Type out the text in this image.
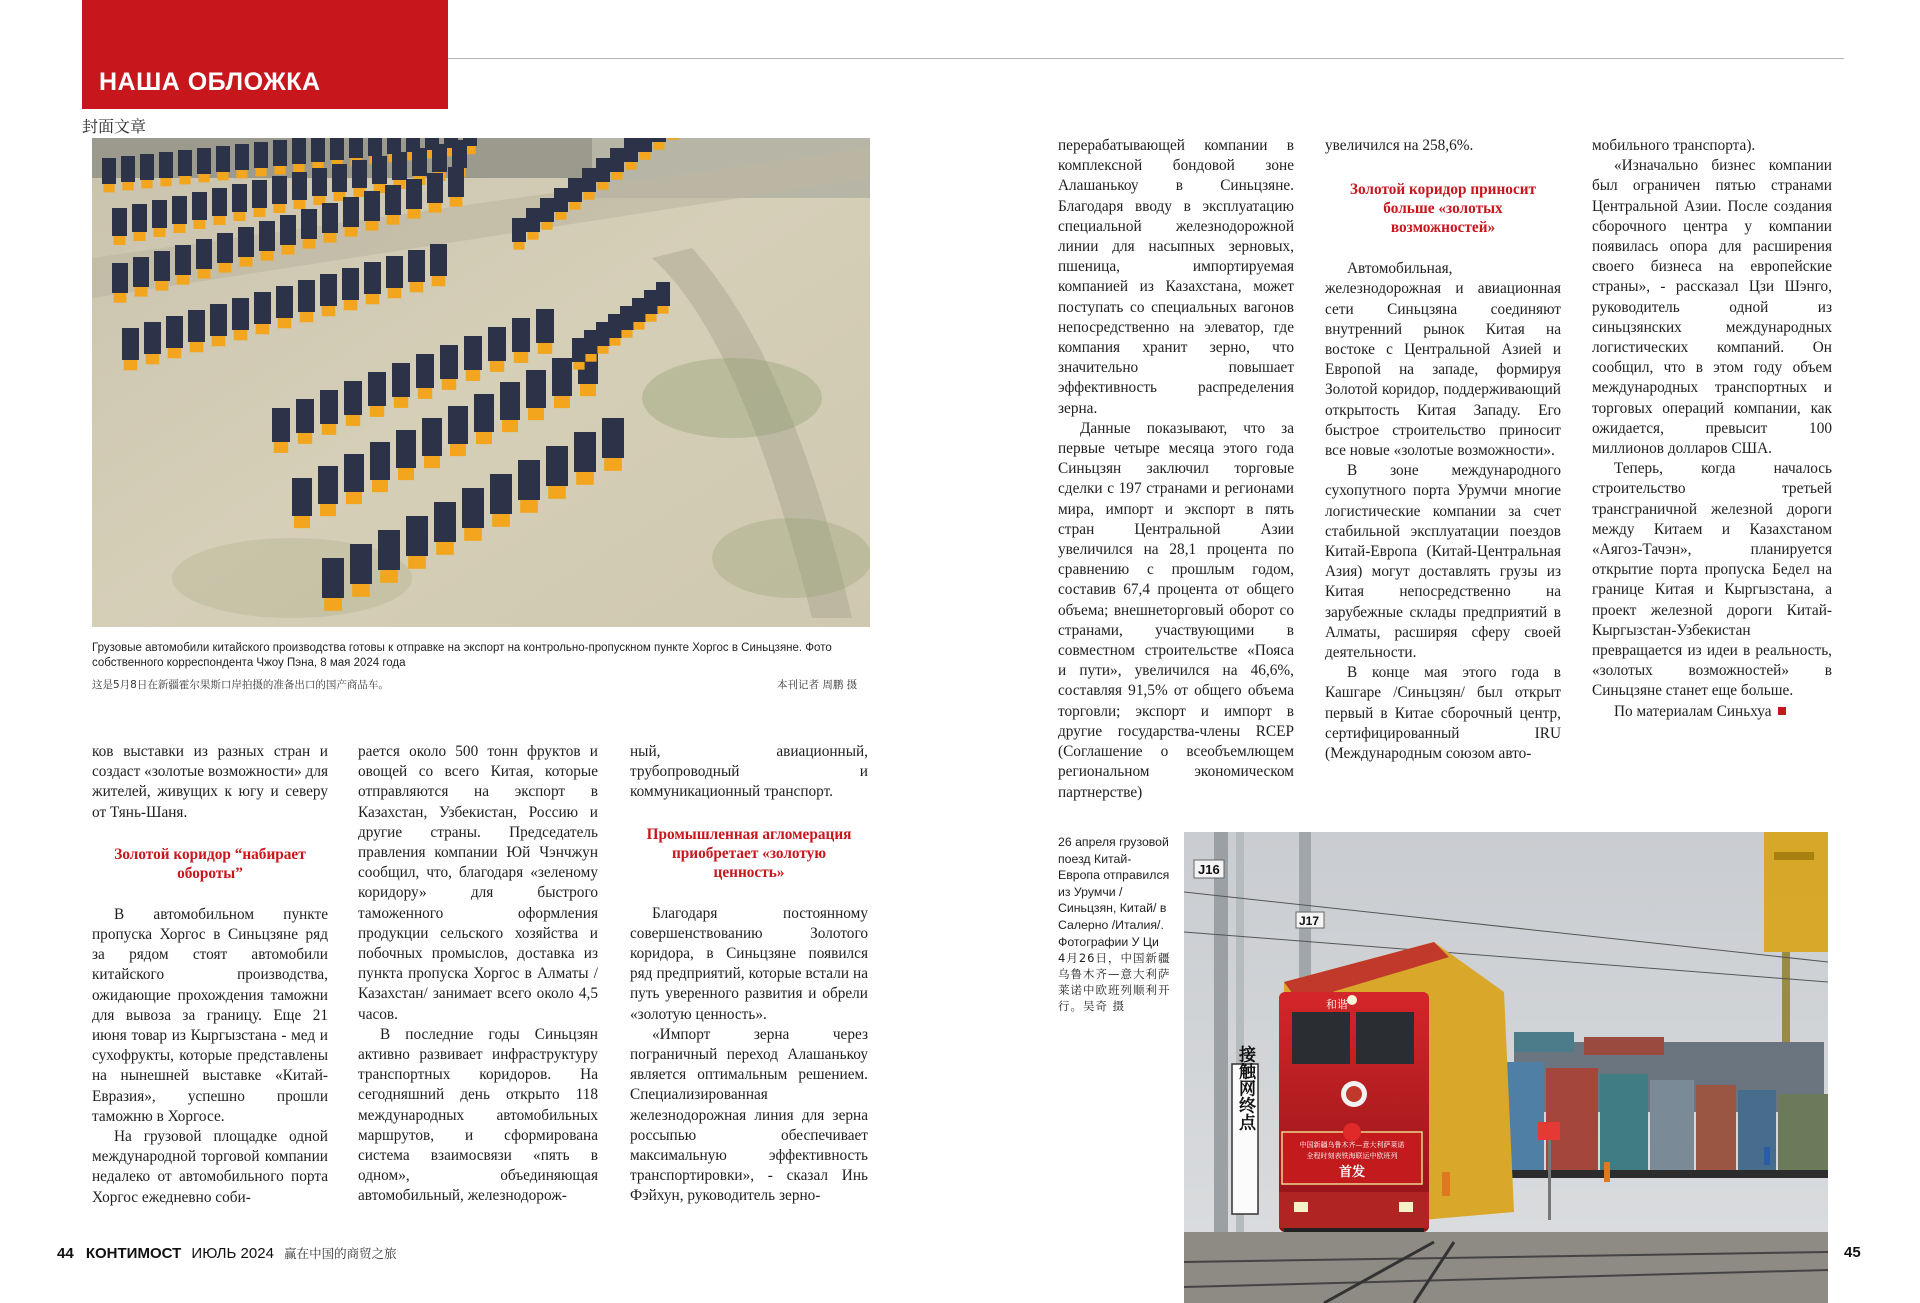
НАША ОБЛОЖКА
封面文章
Грузовые автомобили китайского производства готовы к отправке на экспорт на контрольно-пропускном пункте Хоргос в Синьцзяне. Фото собственного корреспондента Чжоу Пэна, 8 мая 2024 года
这是5月8日在新疆霍尔果斯口岸拍摄的准备出口的国产商品车。	本刊记者 周鹏 摄

ков выставки из разных стран и создаст «золотые возможности» для жителей, живущих к югу и северу от Тянь-Шаня.

Золотой коридор “набирает обороты”

В автомобильном пункте пропуска Хоргос в Синьцзяне ряд за рядом стоят автомобили китайского производства, ожидающие прохождения таможни для вывоза за границу. Еще 21 июня товар из Кыргызстана - мед и сухофрукты, которые представлены на нынешней выставке «Китай-Евразия», успешно прошли таможню в Хоргосе.

На грузовой площадке одной международной торговой компании недалеко от автомобильного порта Хоргос ежедневно соби-

рается около 500 тонн фруктов и овощей со всего Китая, которые отправляются на экспорт в Казахстан, Узбекистан, Россию и другие страны. Председатель правления компании Юй Чэнчжун сообщил, что, благодаря «зеленому коридору» для быстрого таможенного оформления продукции сельского хозяйства и побочных промыслов, доставка из пункта пропуска Хоргос в Алматы /Казахстан/ занимает всего около 4,5 часов.

В последние годы Синьцзян активно развивает инфраструктуру транспортных коридоров. На сегодняшний день открыто 118 международных автомобильных маршрутов, и сформирована система взаимосвязи «пять в одном», объединяющая автомобильный, железнодорож-

ный, авиационный, трубопроводный и коммуникационный транспорт.

Промышленная агломерация приобретает «золотую ценность»

Благодаря постоянному совершенствованию Золотого коридора, в Синьцзяне появился ряд предприятий, которые встали на путь уверенного развития и обрели «золотую ценность».

«Импорт зерна через пограничный переход Алашанькоу является оптимальным решением. Специализированная железнодорожная линия для зерна россыпью обеспечивает максимальную эффективность транспортировки», - сказал Инь Фэйхун, руководитель зерно-

перерабатывающей компании в комплексной бондовой зоне Алашанькоу в Синьцзяне. Благодаря вводу в эксплуатацию специальной железнодорожной линии для насыпных зерновых, пшеница, импортируемая компанией из Казахстана, может поступать со специальных вагонов непосредственно на элеватор, где компания хранит зерно, что значительно повышает эффективность распределения зерна.

Данные показывают, что за первые четыре месяца этого года Синьцзян заключил торговые сделки с 197 странами и регионами мира, импорт и экспорт в пять стран Центральной Азии увеличился на 28,1 процента по сравнению с прошлым годом, составив 67,4 процента от общего объема; внешнеторговый оборот со странами, участвующими в совместном строительстве «Пояса и пути», увеличился на 46,6%, составляя 91,5% от общего объема торговли; экспорт и импорт в другие государства-члены RCEP (Соглашение о всеобъемлющем региональном экономическом партнерстве)

увеличился на 258,6%.

Золотой коридор приносит больше «золотых возможностей»

Автомобильная, железнодорожная и авиационная сети Синьцзяна соединяют внутренний рынок Китая на востоке с Центральной Азией и Европой на западе, формируя Золотой коридор, поддерживающий открытость Китая Западу. Его быстрое строительство приносит все новые «золотые возможности».

В зоне международного сухопутного порта Урумчи многие логистические компании за счет стабильной эксплуатации поездов Китай-Европа (Китай-Центральная Азия) могут доставлять грузы из Китая непосредственно на зарубежные склады предприятий в Алматы, расширяя сферу своей деятельности.

В конце мая этого года в Кашгаре /Синьцзян/ был открыт первый в Китае сборочный центр, сертифицированный IRU (Международным союзом авто-

мобильного транспорта).

«Изначально бизнес компании был ограничен пятью странами Центральной Азии. После создания сборочного центра у компании появилась опора для расширения своего бизнеса на европейские страны», - рассказал Цзи Шэнго, руководитель одной из синьцзянских международных логистических компаний. Он сообщил, что в этом году объем международных транспортных и торговых операций компании, как ожидается, превысит 100 миллионов долларов США.

Теперь, когда началось строительство третьей трансграничной железной дороги между Китаем и Казахстаном «Аягоз-Тачэн», планируется открытие порта пропуска Бедел на границе Китая и Кыргызстана, а проект железной дороги Китай-Кыргызстан-Узбекистан превращается из идеи в реальность, «золотых возможностей» в Синьцзяне станет еще больше.

По материалам Синьхуа

26 апреля грузовой поезд Китай-Европа отправился из Урумчи /Синьцзян, Китай/ в Салерно /Италия/. Фотографии У Ци
4月26日，中国新疆乌鲁木齐—意大利萨莱诺中欧班列顺利开行。吴奇 摄
J16
J17
和谐
中国新疆乌鲁木齐—意大利萨莱诺
全程时刻表铁海联运中欧班列
首发
接触网终点
44 КОНТИМОСТ ИЮЛЬ 2024 赢在中国的商贸之旅	45
